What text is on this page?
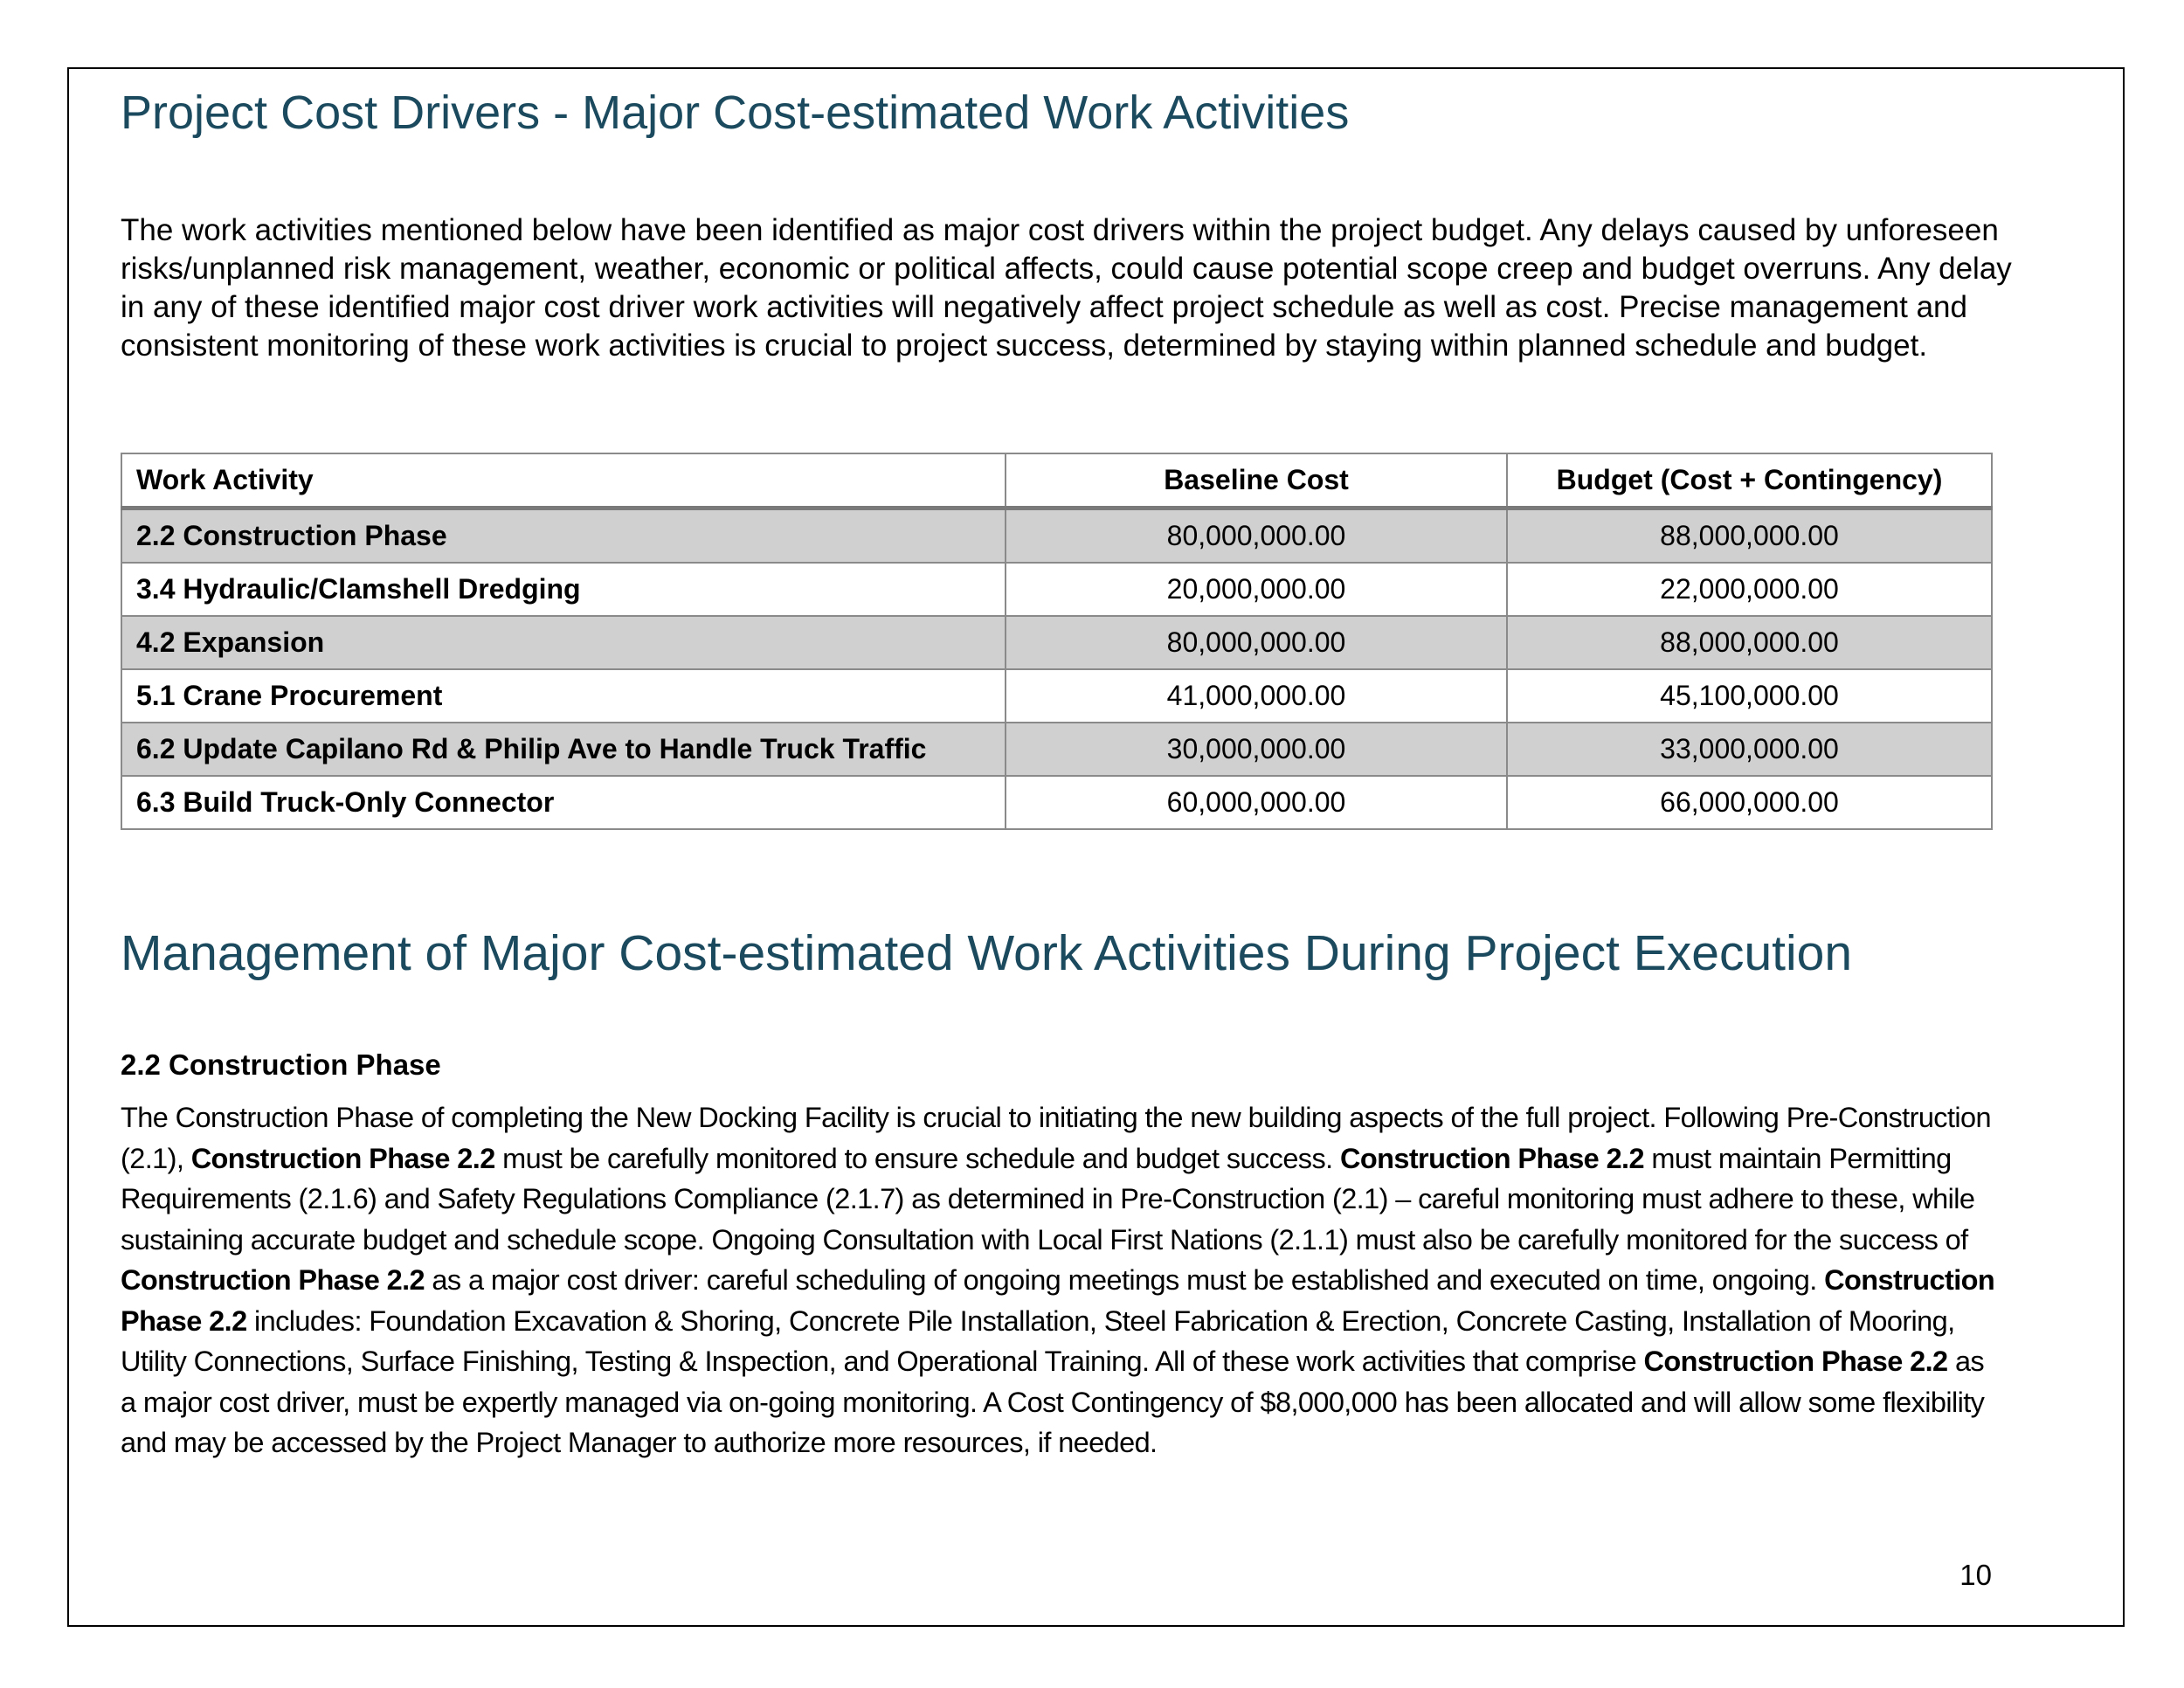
Project Cost Drivers - Major Cost-estimated Work Activities
The work activities mentioned below have been identified as major cost drivers within the project budget. Any delays caused by unforeseen risks/unplanned risk management, weather, economic or political affects, could cause potential scope creep and budget overruns. Any delay in any of these identified major cost driver work activities will negatively affect project schedule as well as cost. Precise management and consistent monitoring of these work activities is crucial to project success, determined by staying within planned schedule and budget.
Work Activity	Baseline Cost	Budget (Cost + Contingency)
2.2 Construction Phase	80,000,000.00	88,000,000.00
3.4 Hydraulic/Clamshell Dredging	20,000,000.00	22,000,000.00
4.2 Expansion	80,000,000.00	88,000,000.00
5.1 Crane Procurement	41,000,000.00	45,100,000.00
6.2 Update Capilano Rd & Philip Ave to Handle Truck Traffic	30,000,000.00	33,000,000.00
6.3 Build Truck-Only Connector	60,000,000.00	66,000,000.00
Management of Major Cost-estimated Work Activities During Project Execution
2.2 Construction Phase
The Construction Phase of completing the New Docking Facility is crucial to initiating the new building aspects of the full project. Following Pre-Construction (2.1), Construction Phase 2.2 must be carefully monitored to ensure schedule and budget success. Construction Phase 2.2 must maintain Permitting Requirements (2.1.6) and Safety Regulations Compliance (2.1.7) as determined in Pre-Construction (2.1) – careful monitoring must adhere to these, while sustaining accurate budget and schedule scope. Ongoing Consultation with Local First Nations (2.1.1) must also be carefully monitored for the success of Construction Phase 2.2 as a major cost driver: careful scheduling of ongoing meetings must be established and executed on time, ongoing. Construction Phase 2.2 includes: Foundation Excavation & Shoring, Concrete Pile Installation, Steel Fabrication & Erection, Concrete Casting, Installation of Mooring, Utility Connections, Surface Finishing, Testing & Inspection, and Operational Training. All of these work activities that comprise Construction Phase 2.2 as a major cost driver, must be expertly managed via on-going monitoring. A Cost Contingency of $8,000,000 has been allocated and will allow some flexibility and may be accessed by the Project Manager to authorize more resources, if needed.
10
